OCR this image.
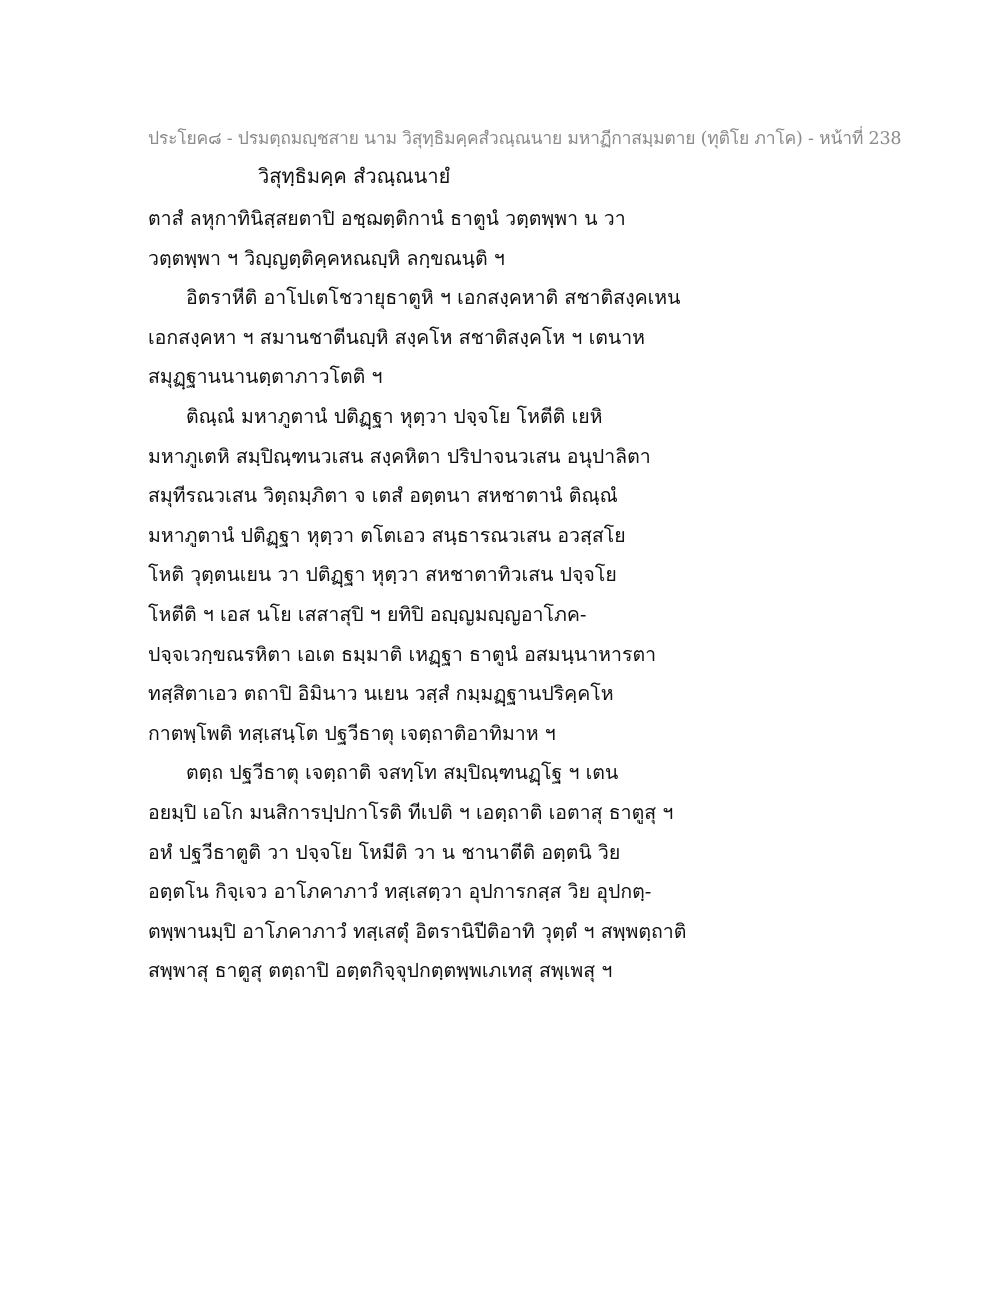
ประโยค๘ - ปรมตฺถมญฺชสาย นาม วิสุทฺธิมคฺคสํวณฺณนาย มหาฏีกาสมฺมตาย (ทุติโย ภาโค) - หน้าที่ 238
วิสุทฺธิมคฺค สํวณฺณนายํ
ตาสํ ลหุกาทินิสฺสยตาปิ อชฺฌตฺติกานํ ธาตูนํ วตฺตพฺพา น วา
วตฺตพฺพา ฯ วิญฺญตฺติคฺคหณญฺหิ ลกฺขณนฺติ ฯ
อิตราหีติ อาโปเตโชวายุธาตูหิ ฯ เอกสงฺคหาติ สชาติสงฺคเหน
เอกสงฺคหา ฯ สมานชาตีนญฺหิ สงฺคโห สชาติสงฺคโห ฯ เตนาห
สมุฏฺฐานนานตฺตาภาวโตติ ฯ
ติณฺณํ มหาภูตานํ ปติฏฺฐา หุตฺวา ปจฺจโย โหตีติ เยหิ
มหาภูเตหิ สมฺปิณฺฑนวเสน สงฺคหิตา ปริปาจนวเสน อนุปาลิตา
สมุทีรณวเสน วิตฺถมฺภิตา จ เตสํ อตฺตนา สหชาตานํ ติณฺณํ
มหาภูตานํ ปติฏฺฐา หุตฺวา ตโตเอว สนฺธารณวเสน อวสฺสโย
โหติ วุตฺตนเยน วา ปติฏฺฐา หุตฺวา สหชาตาทิวเสน ปจฺจโย
โหตีติ ฯ เอส นโย เสสาสุปิ ฯ ยทิปิ อญฺญมญฺญอาโภค-
ปจฺจเวกฺขณรหิตา เอเต ธมฺมาติ เหฏฺฐา ธาตูนํ อสมนฺนาหารตา
ทสฺสิตาเอว ตถาปิ อิมินาว นเยน วสฺสํ กมฺมฏฺฐานปริคฺคโห
กาตพฺโพติ ทสฺเสนฺโต ปฐวีธาตุ เจตฺถาติอาทิมาห ฯ
ตตฺถ ปฐวีธาตุ เจตฺถาติ จสทฺโท สมฺปิณฺฑนฏฺโฐ ฯ เตน
อยมฺปิ เอโก มนสิการปฺปกาโรติ ทีเปติ ฯ เอตฺถาติ เอตาสุ ธาตูสุ ฯ
อหํ ปฐวีธาตูติ วา ปจฺจโย โหมีติ วา น ชานาตีติ อตฺตนิ วิย
อตฺตโน กิจฺเจว อาโภคาภาวํ ทสฺเสตฺวา อุปการกสฺส วิย อุปกตฺ-
ตพฺพานมฺปิ อาโภคาภาวํ ทสฺเสตุํ อิตรานิปีติอาทิ วุตฺตํ ฯ สพฺพตฺถาติ
สพฺพาสุ ธาตูสุ ตตฺถาปิ อตฺตกิจฺจุปกตฺตพฺพเภเทสุ สพฺเพสุ ฯ
